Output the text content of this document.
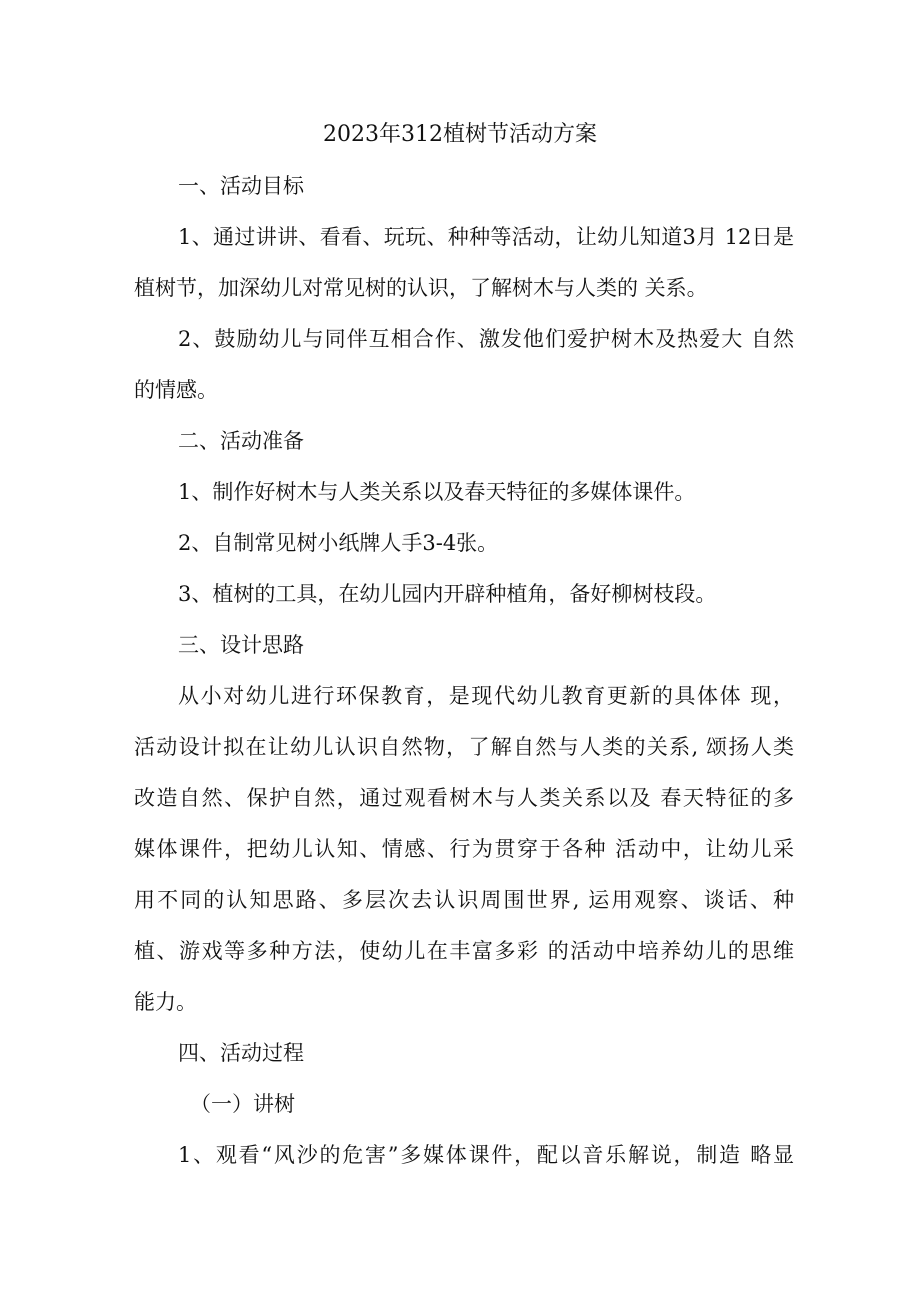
2023年312植树节活动方案

一、活动目标

1、通过讲讲、看看、玩玩、种种等活动，让幼儿知道3月 12日是

植树节，加深幼儿对常见树的认识，了解树木与人类的 关系。

2、鼓励幼儿与同伴互相合作、激发他们爱护树木及热爱大 自然

的情感。

二、活动准备

1、制作好树木与人类关系以及春天特征的多媒体课件。

2、自制常见树小纸牌人手3-4张。

3、植树的工具，在幼儿园内开辟种植角，备好柳树枝段。

三、设计思路

从小对幼儿进行环保教育，是现代幼儿教育更新的具体体 现，

活动设计拟在让幼儿认识自然物，了解自然与人类的关系, 颂扬人类

改造自然、保护自然，通过观看树木与人类关系以及 春天特征的多

媒体课件，把幼儿认知、情感、行为贯穿于各种 活动中，让幼儿采

用不同的认知思路、多层次去认识周围世界, 运用观察、谈话、种

植、游戏等多种方法，使幼儿在丰富多彩 的活动中培养幼儿的思维

能力。

四、活动过程

（一）讲树

1、观看“风沙的危害”多媒体课件，配以音乐解说，制造 略显
